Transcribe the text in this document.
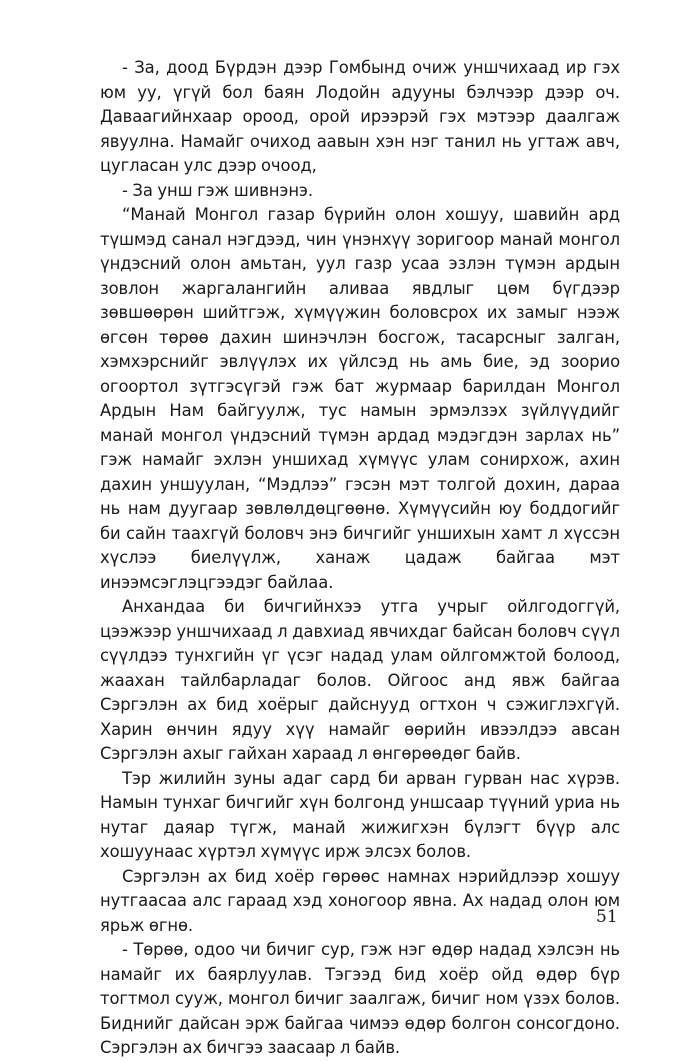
- За, доод Бүрдэн дээр Гомбынд очиж уншчихаад ир гэх юм уу, үгүй бол баян Лодойн адууны бэлчээр дээр оч. Даваагийнхаар ороод, орой ирээрэй гэх мэтээр даалгаж явуулна. Намайг очиход аавын хэн нэг танил нь угтаж авч, цугласан улс дээр очоод,

- За унш гэж шивнэнэ.

“Манай Монгол газар бүрийн олон хошуу, шавийн ард түшмэд санал нэгдээд, чин үнэнхүү зоригоор манай монгол үндэсний олон амьтан, уул газр усаа эзлэн түмэн ардын зовлон жаргалангийн аливаа явдлыг цөм бүгдээр зөвшөөрөн шийтгэж, хүмүүжин боловсрох их замыг нээж өгсөн төрөө дахин шинэчлэн босгож, тасарсныг залган, хэмхэрснийг эвлүүлэх их үйлсэд нь амь бие, эд зоорио огоортол зүтгэсүгэй гэж бат журмаар барилдан Монгол Ардын Нам байгуулж, тус намын эрмэлзэх зүйлүүдийг манай монгол үндэсний түмэн ардад мэдэгдэн зарлах нь” гэж намайг эхлэн уншихад хүмүүс улам сонирхож, ахин дахин уншуулан, “Мэдлээ” гэсэн мэт толгой дохин, дараа нь нам дуугаар зөвлөлдөцгөөнө. Хүмүүсийн юу боддогийг би сайн таахгүй боловч энэ бичгийг уншихын хамт л хүссэн хүслээ биелүүлж, ханаж цадаж байгаа мэт инээмсэглэцгээдэг байлаа.

Анхандаа би бичгийнхээ утга учрыг ойлгодоггүй, цээжээр уншчихаад л давхиад явчихдаг байсан боловч сүүл сүүлдээ тунхгийн үг үсэг надад улам ойлгомжтой болоод, жаахан тайлбарладаг болов. Ойгоос анд явж байгаа Сэргэлэн ах бид хоёрыг дайснууд огтхон ч сэжиглэхгүй. Харин өнчин ядуу хүү намайг өөрийн ивээлдээ авсан Сэргэлэн ахыг гайхан хараад л өнгөрөөдөг байв.

Тэр жилийн зуны адаг сард би арван гурван нас хүрэв. Намын тунхаг бичгийг хүн болгонд уншсаар түүний уриа нь нутаг даяар түгж, манай жижигхэн бүлэгт бүүр алс хошуунаас хүртэл хүмүүс ирж элсэх болов.

Сэргэлэн ах бид хоёр гөрөөс намнах нэрийдлээр хошуу нутгаасаа алс гараад хэд хоногоор явна. Ах надад олон юм ярьж өгнө.

- Төрөө, одоо чи бичиг сур, гэж нэг өдөр надад хэлсэн нь намайг их баярлуулав. Тэгээд бид хоёр ойд өдөр бүр тогтмол сууж, монгол бичиг заалгаж, бичиг ном үзэх болов. Биднийг дайсан эрж байгаа чимээ өдөр болгон сонсогдоно. Сэргэлэн ах бичгээ заасаар л байв.

51
